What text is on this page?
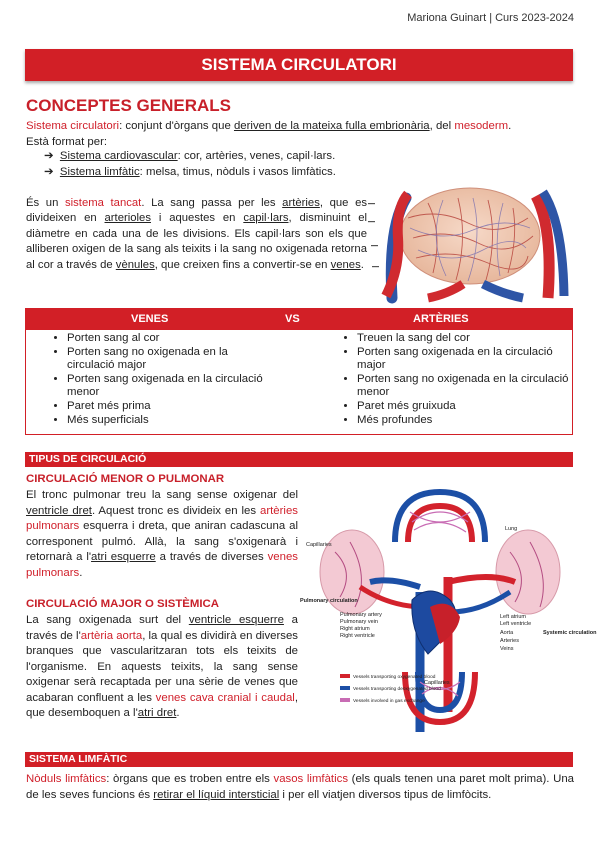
Mariona Guinart | Curs 2023-2024
SISTEMA CIRCULATORI
CONCEPTES GENERALS

Sistema circulatori: conjunt d'òrgans que deriven de la mateixa fulla embrionària, del mesoderm.
Està format per:

➔ Sistema cardiovascular: cor, artèries, venes, capil·lars.
➔ Sistema limfàtic: melsa, timus, nòduls i vasos limfàtics.

És un sistema tancat. La sang passa per les artèries, que es divideixen en arterioles i aquestes en capil·lars, disminuint el diàmetre en cada una de les divisions. Els capil·lars son els que alliberen oxigen de la sang als teixits i la sang no oxigenada retorna al cor a través de vènules, que creixen fins a convertir-se en venes.

VENES	VS	ARTÈRIES
• Porten sang al cor
• Porten sang no oxigenada en la circulació major
• Porten sang oxigenada en la circulació menor
• Paret més prima
• Més superficials
• Treuen la sang del cor
• Porten sang oxigenada en la circulació major
• Porten sang no oxigenada en la circulació menor
• Paret més gruixuda
• Més profundes
TIPUS DE CIRCULACIÓ
CIRCULACIÓ MENOR O PULMONAR

El tronc pulmonar treu la sang sense oxigenar del ventricle dret. Aquest tronc es divideix en les artèries pulmonars esquerra i dreta, que aniran cadascuna al corresponent pulmó. Allà, la sang s'oxigenarà i retornarà a l'atri esquerre a través de diverses venes pulmonars.

CIRCULACIÓ MAJOR O SISTÈMICA

La sang oxigenada surt del ventricle esquerre a través de l'artèria aorta, la qual es dividirà en diverses branques que vascularitzaran tots els teixits de l'organisme. En aquests teixits, la sang sense oxigenar serà recaptada per una sèrie de venes que acabaran confluent a les venes cava cranial i caudal, que desemboquen a l'atri dret.

Capillaries
Pulmonary circulation
Pulmonary artery
Pulmonary vein
Right atrium
Right ventricle
Lung
Left atrium
Left ventricle
Aorta
Arteries
Veins
Systemic circulation
Capillaries
Vessels transporting oxygenated blood
Vessels transporting deoxygenated blood
Vessels involved in gas exchange
SISTEMA LIMFÀTIC

Nòduls limfàtics: òrgans que es troben entre els vasos limfàtics (els quals tenen una paret molt prima). Una de les seves funcions és retirar el líquid intersticial i per ell viatjen diversos tipus de limfòcits.
